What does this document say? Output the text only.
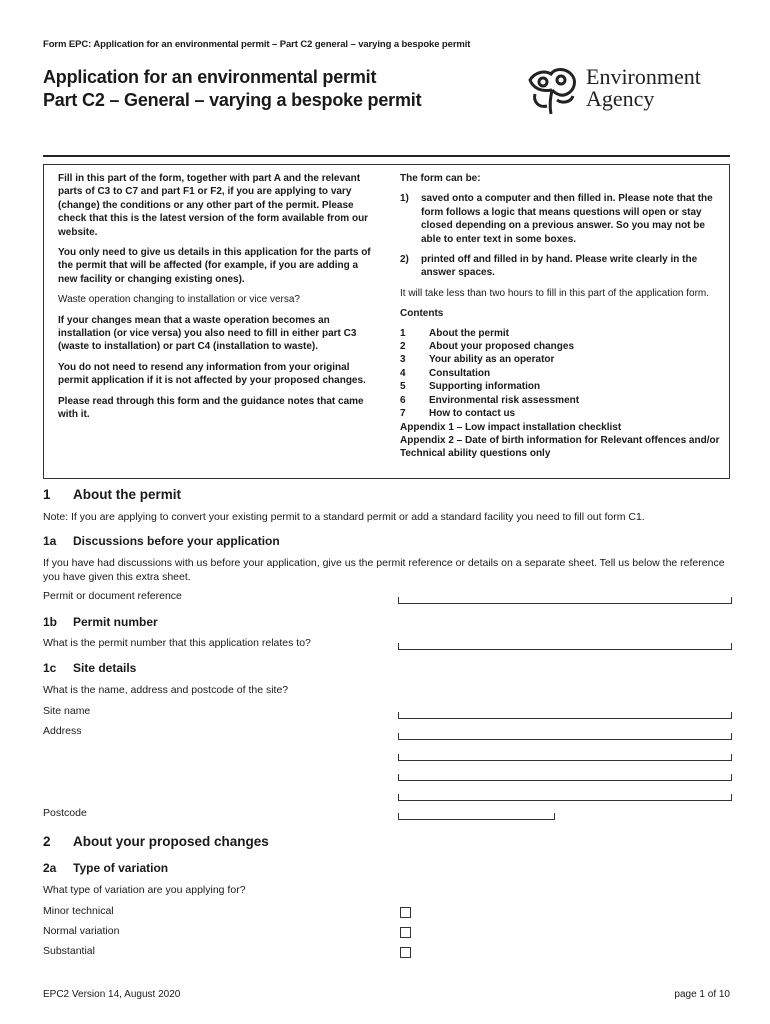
Form EPC: Application for an environmental permit – Part C2 general – varying a bespoke permit
Application for an environmental permit
Part C2 – General – varying a bespoke permit
Environment
Agency

Fill in this part of the form, together with part A and the relevant parts of C3 to C7 and part F1 or F2, if you are applying to vary (change) the conditions or any other part of the permit. Please check that this is the latest version of the form available from our website.

You only need to give us details in this application for the parts of the permit that will be affected (for example, if you are adding a new facility or changing existing ones).

Waste operation changing to installation or vice versa?

If your changes mean that a waste operation becomes an installation (or vice versa) you also need to fill in either part C3 (waste to installation) or part C4 (installation to waste).

You do not need to resend any information from your original permit application if it is not affected by your proposed changes.

Please read through this form and the guidance notes that came with it.

The form can be:

1)	saved onto a computer and then filled in. Please note that the form follows a logic that means questions will open or stay closed depending on a previous answer. So you may not be able to enter text in some boxes.
2)	printed off and filled in by hand. Please write clearly in the answer spaces.

It will take less than two hours to fill in this part of the application form.

Contents

1	About the permit
2	About your proposed changes
3	Your ability as an operator
4	Consultation
5	Supporting information
6	Environmental risk assessment
7	How to contact us
Appendix 1 – Low impact installation checklist
Appendix 2 – Date of birth information for Relevant offences and/or Technical ability questions only
1 About the permit
Note: If you are applying to convert your existing permit to a standard permit or add a standard facility you need to fill out form C1.
1a Discussions before your application
If you have had discussions with us before your application, give us the permit reference or details on a separate sheet. Tell us below the reference you have given this extra sheet.
Permit or document reference
1b Permit number
What is the permit number that this application relates to?
1c Site details
What is the name, address and postcode of the site?
Site name
Address
Postcode
2 About your proposed changes
2a Type of variation
What type of variation are you applying for?
Minor technical
Normal variation
Substantial
EPC2 Version 14, August 2020	page 1 of 10
